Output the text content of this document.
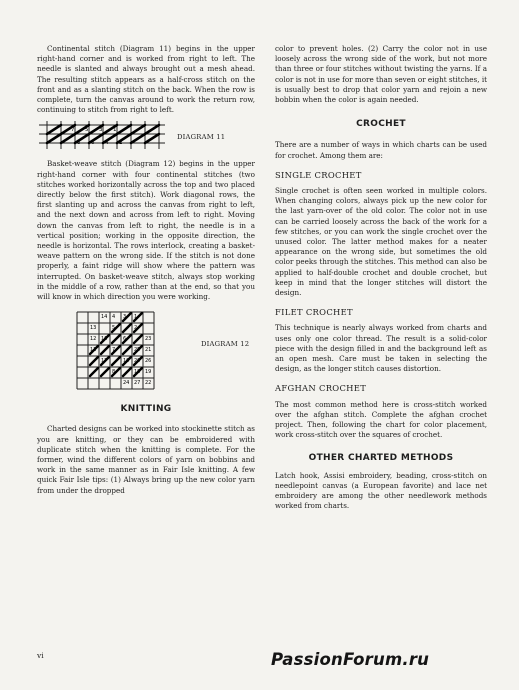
Continental stitch (Diagram 11) begins in the upper right-hand corner and is worked from right to left. The needle is slanted and always brought out a mesh ahead. The resulting stitch appears as a half-cross stitch on the front and as a slanting stitch on the back. When the row is complete, turn the canvas around to work the return row, continuing to stitch from right to left.

7 5 3 1
8 6 4 2
DIAGRAM 11

Basket-weave stitch (Diagram 12) begins in the upper right-hand corner with four continental stitches (two stitches worked horizontally across the top and two placed directly below the first stitch). Work diagonal rows, the first slanting up and across the canvas from right to left, and the next down and across from left to right. Moving down the canvas from left to right, the needle is in a vertical position; working in the opposite direction, the needle is horizontal. The rows interlock, creating a basket-weave pattern on the wrong side. If the stitch is not done properly, a faint ridge will show where the pattern was interrupted. On basket-weave stitch, always stop working in the middle of a row, rather than at the end, so that you will know in which direction you were working.

14 4 3 1
13	5	2
12 16	6
11	7
17	10
8	18 19
26
20
25 21
24	22
27
23
DIAGRAM 12
KNITTING

Charted designs can be worked into stockinette stitch as you are knitting, or they can be embroidered with duplicate stitch when the knitting is complete. For the former, wind the different colors of yarn on bobbins and work in the same manner as in Fair Isle knitting. A few quick Fair Isle tips: (1) Always bring up the new color yarn from under the dropped

color to prevent holes. (2) Carry the color not in use loosely across the wrong side of the work, but not more than three or four stitches without twisting the yarns. If a color is not in use for more than seven or eight stitches, it is usually best to drop that color yarn and rejoin a new bobbin when the color is again needed.

CROCHET

There are a number of ways in which charts can be used for crochet. Among them are:

SINGLE CROCHET

Single crochet is often seen worked in multiple colors. When changing colors, always pick up the new color for the last yarn-over of the old color. The color not in use can be carried loosely across the back of the work for a few stitches, or you can work the single crochet over the unused color. The latter method makes for a neater appearance on the wrong side, but sometimes the old color peeks through the stitches. This method can also be applied to half-double crochet and double crochet, but keep in mind that the longer stitches will distort the design.

FILET CROCHET

This technique is nearly always worked from charts and uses only one color thread. The result is a solid-color piece with the design filled in and the background left as an open mesh. Care must be taken in selecting the design, as the longer stitch causes distortion.

AFGHAN CROCHET

The most common method here is cross-stitch worked over the afghan stitch. Complete the afghan crochet project. Then, following the chart for color placement, work cross-stitch over the squares of crochet.

OTHER CHARTED METHODS

Latch hook, Assisi embroidery, beading, cross-stitch on needlepoint canvas (a European favorite) and lace net embroidery are among the other needlework methods worked from charts.

vi	PassionForum.ru
